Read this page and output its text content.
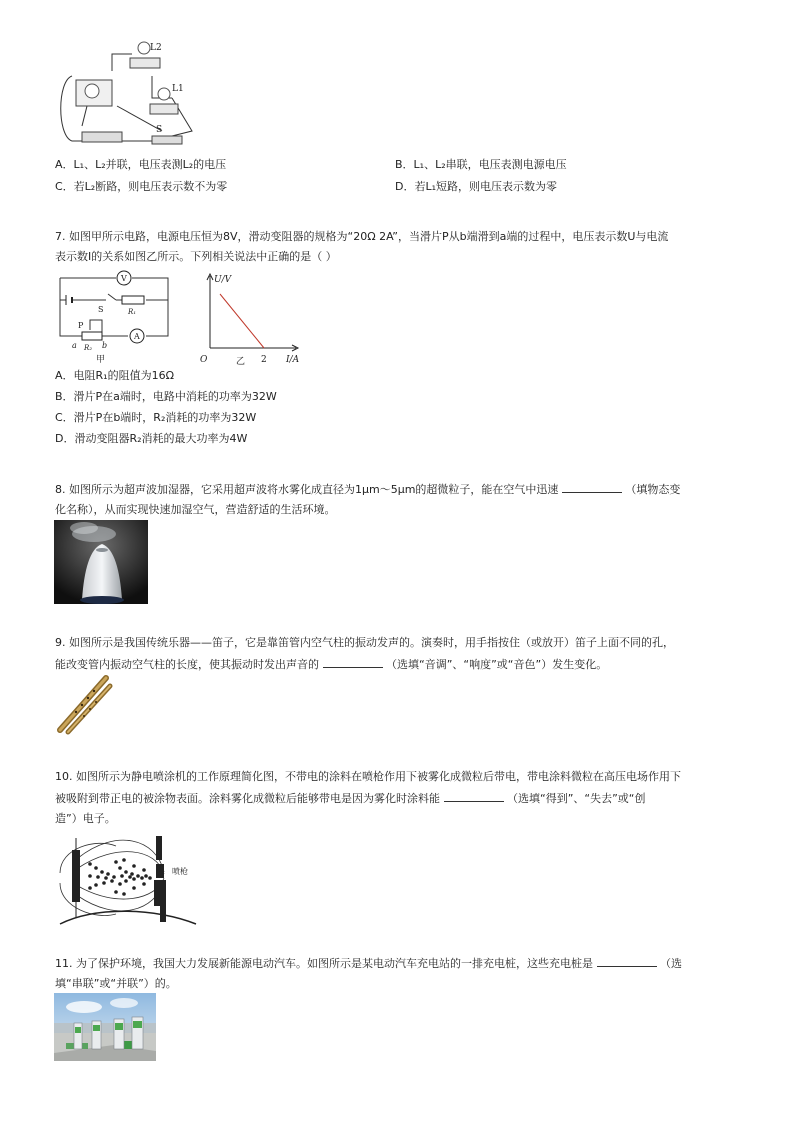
L2
L1
S
A．L₁、L₂并联，电压表测L₂的电压	B．L₁、L₂串联，电压表测电源电压
C．若L₂断路，则电压表示数不为零	D．若L₁短路，则电压表示数为零
7. 如图甲所示电路，电源电压恒为8V，滑动变阻器的规格为“20Ω 2A”，当滑片P从b端滑到a端的过程中，电压表示数U与电流
表示数I的关系如图乙所示。下列相关说法中正确的是（ ）
V
A
S	R₁
P
a R₂ b
甲
U/V
I/A
O	2
乙
A．电阻R₁的阻值为16Ω
B．滑片P在a端时，电路中消耗的功率为32W
C．滑片P在b端时，R₂消耗的功率为32W
D．滑动变阻器R₂消耗的最大功率为4W
8. 如图所示为超声波加湿器，它采用超声波将水雾化成直径为1μm～5μm的超微粒子，能在空气中迅速	（填物态变
化名称），从而实现快速加湿空气，营造舒适的生活环境。
9. 如图所示是我国传统乐器——笛子，它是靠笛管内空气柱的振动发声的。演奏时，用手指按住（或放开）笛子上面不同的孔，
能改变管内振动空气柱的长度，使其振动时发出声音的	（选填“音调”、“响度”或“音色”）发生变化。
10. 如图所示为静电喷涂机的工作原理简化图，不带电的涂料在喷枪作用下被雾化成微粒后带电，带电涂料微粒在高压电场作用下
被吸附到带正电的被涂物表面。涂料雾化成微粒后能够带电是因为雾化时涂料能	（选填“得到”、“失去”或“创
造”）电子。
喷枪
11. 为了保护环境，我国大力发展新能源电动汽车。如图所示是某电动汽车充电站的一排充电桩，这些充电桩是	（选
填“串联”或“并联”）的。
